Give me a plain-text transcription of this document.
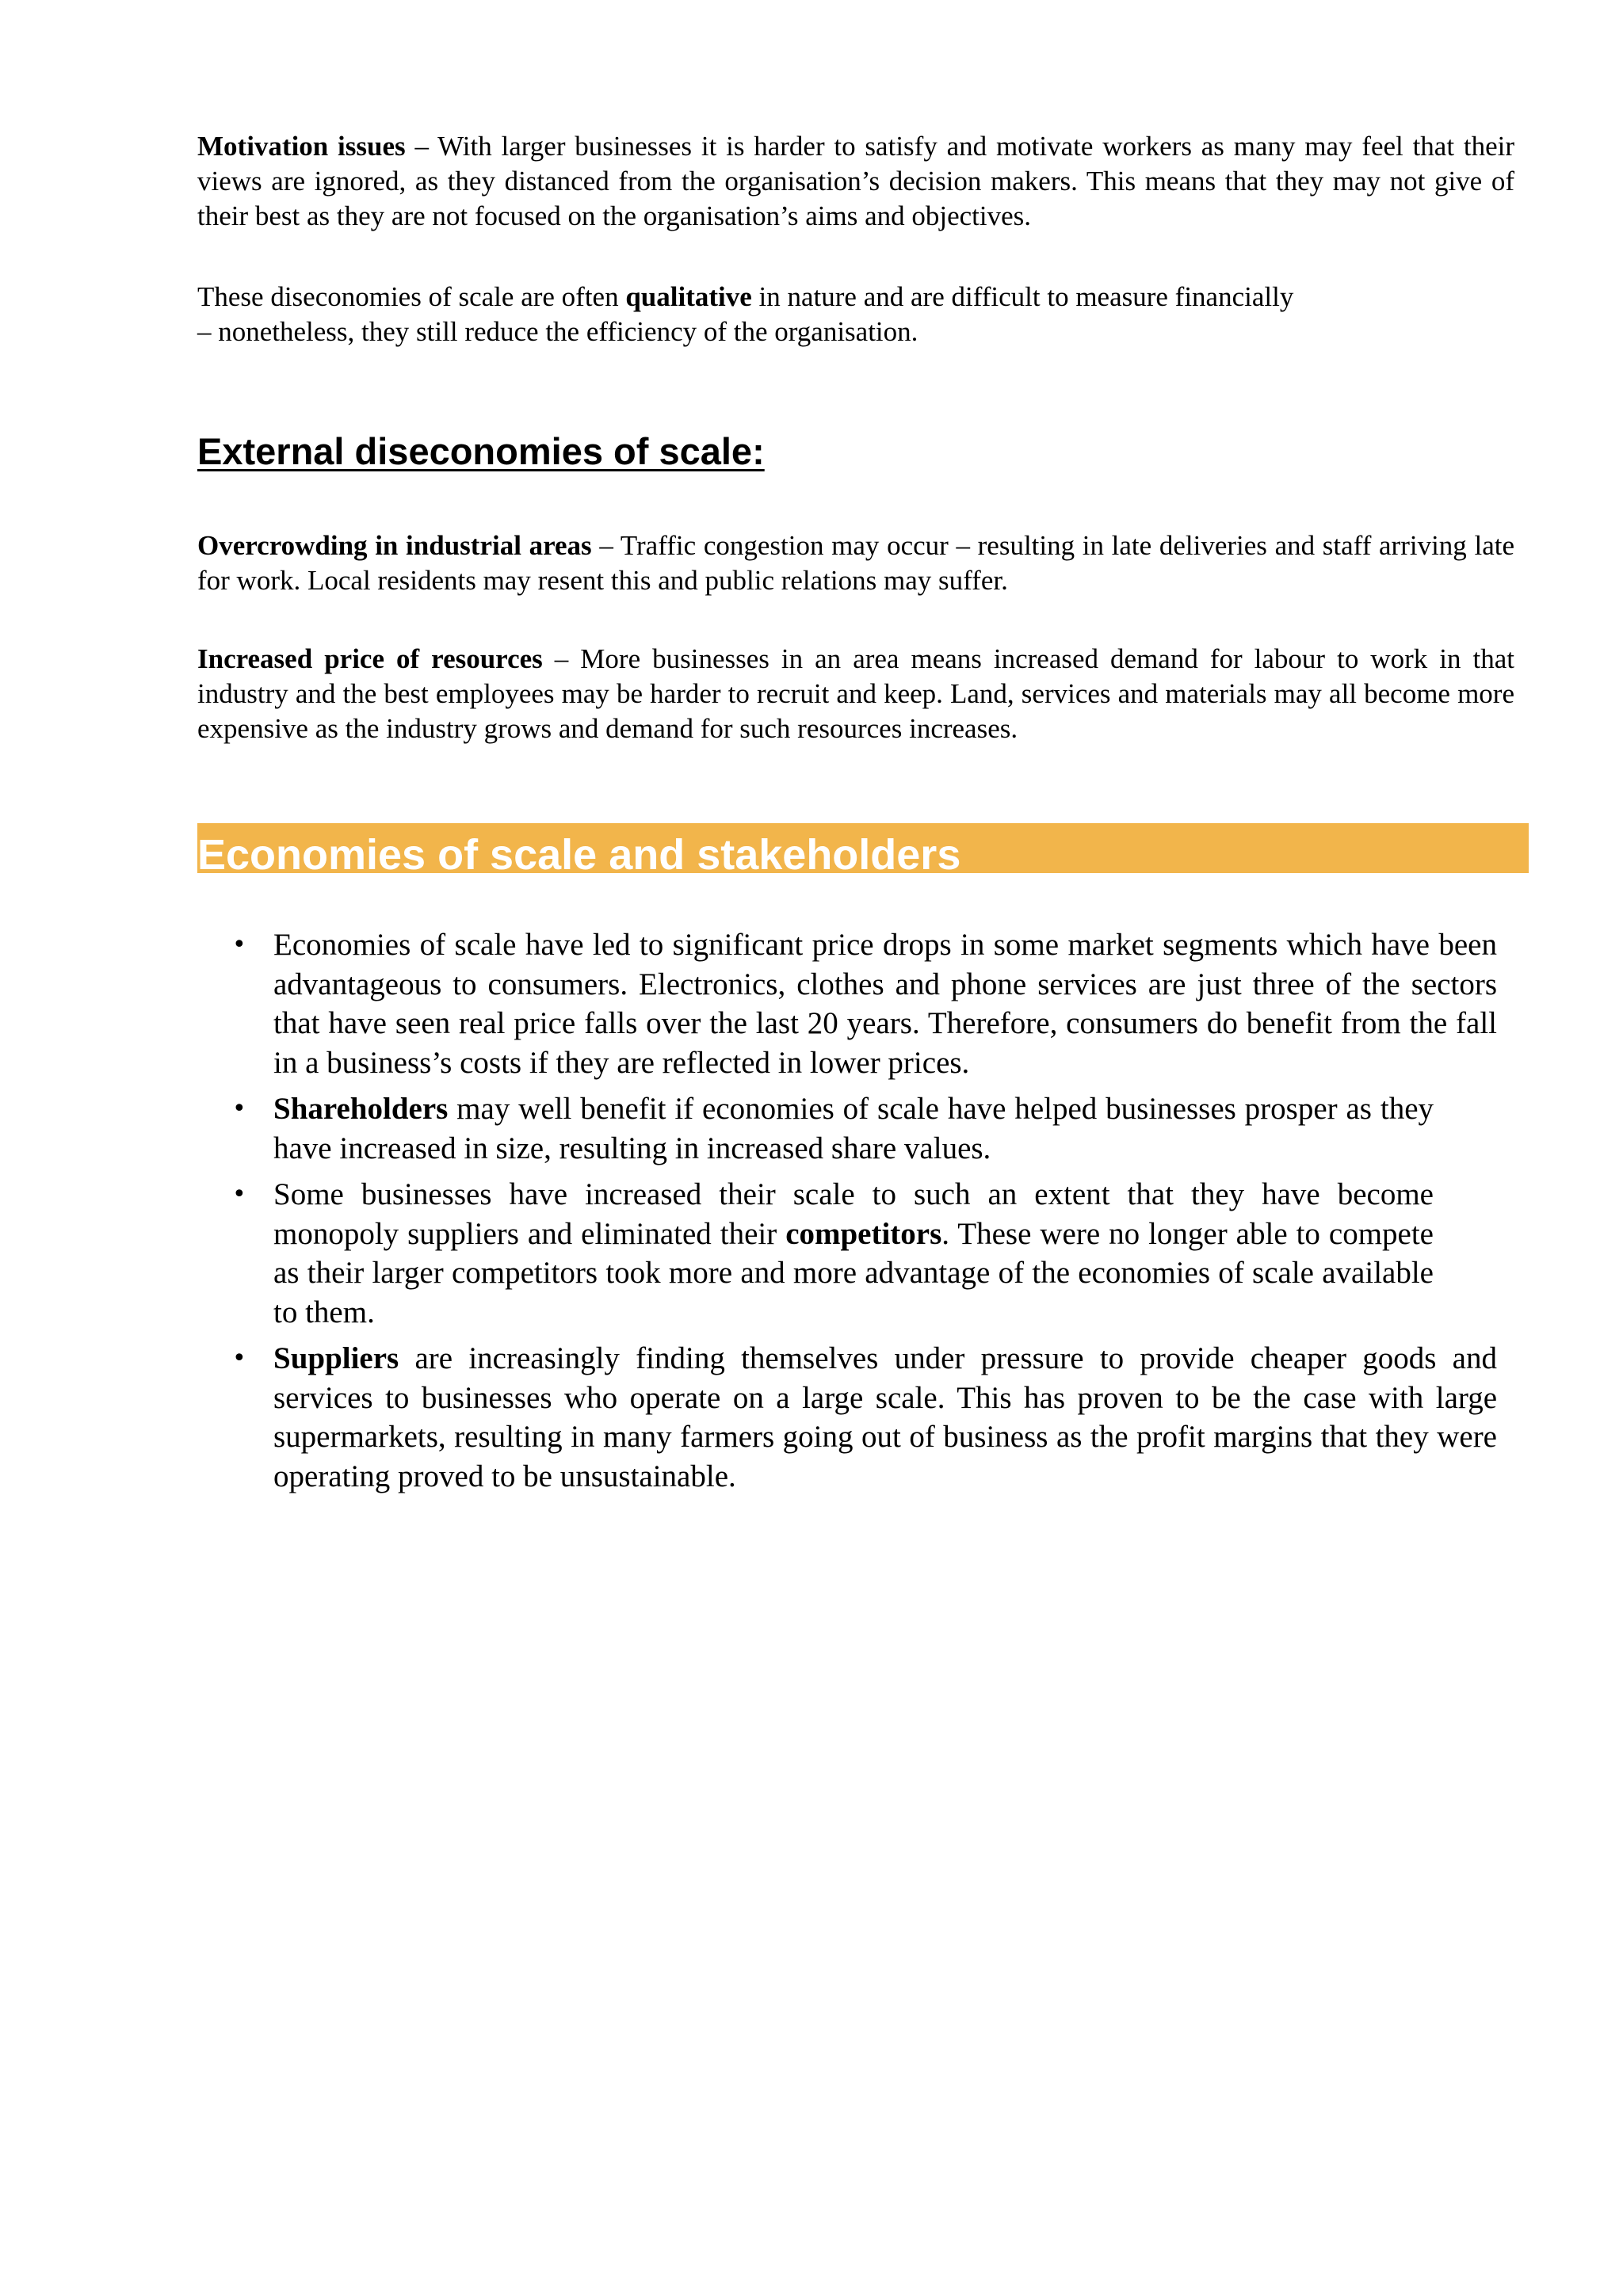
Motivation issues – With larger businesses it is harder to satisfy and motivate workers as many may feel that their views are ignored, as they distanced from the organisation’s decision makers. This means that they may not give of their best as they are not focused on the organisation’s aims and objectives.

These diseconomies of scale are often qualitative in nature and are difficult to measure financially
– nonetheless, they still reduce the efficiency of the organisation.

External diseconomies of scale:

Overcrowding in industrial areas – Traffic congestion may occur – resulting in late deliveries and staff arriving late for work. Local residents may resent this and public relations may suffer.

Increased price of resources – More businesses in an area means increased demand for labour to work in that industry and the best employees may be harder to recruit and keep. Land, services and materials may all become more expensive as the industry grows and demand for such resources increases.

Economies of scale and stakeholders
• Economies of scale have led to significant price drops in some market segments which have been advantageous to consumers. Electronics, clothes and phone services are just three of the sectors that have seen real price falls over the last 20 years. Therefore, consumers do benefit from the fall in a business’s costs if they are reflected in lower prices.
• Shareholders may well benefit if economies of scale have helped businesses prosper as they have increased in size, resulting in increased share values.
• Some businesses have increased their scale to such an extent that they have become monopoly suppliers and eliminated their competitors. These were no longer able to compete as their larger competitors took more and more advantage of the economies of scale available to them.
• Suppliers are increasingly finding themselves under pressure to provide cheaper goods and services to businesses who operate on a large scale. This has proven to be the case with large supermarkets, resulting in many farmers going out of business as the profit margins that they were operating proved to be unsustainable.
